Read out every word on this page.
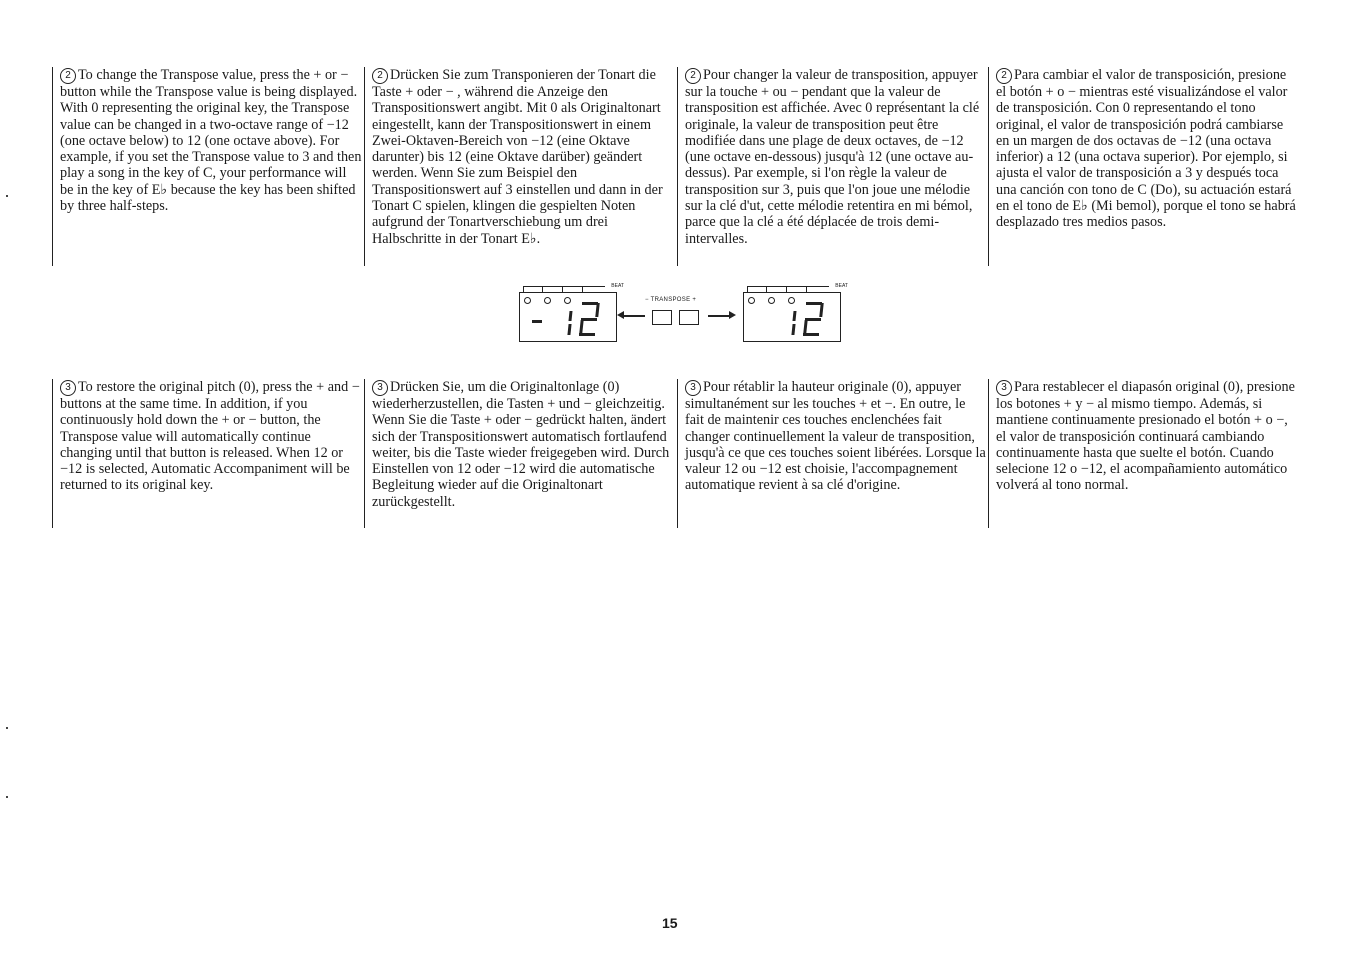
2 To change the Transpose value, press the + or − button while the Transpose value is being displayed. With 0 representing the original key, the Transpose value can be changed in a two-octave range of −12 (one octave below) to 12 (one octave above). For example, if you set the Transpose value to 3 and then play a song in the key of C, your performance will be in the key of E♭ because the key has been shifted by three half-steps.

2 Drücken Sie zum Transponieren der Tonart die Taste + oder − , während die Anzeige den Transpositionswert angibt. Mit 0 als Originaltonart eingestellt, kann der Transpositionswert in einem Zwei-Oktaven-Bereich von −12 (eine Oktave darunter) bis 12 (eine Oktave darüber) geändert werden. Wenn Sie zum Beispiel den Transpositionswert auf 3 einstellen und dann in der Tonart C spielen, klingen die gespielten Noten aufgrund der Tonartverschiebung um drei Halbschritte in der Tonart E♭.

2 Pour changer la valeur de transposition, appuyer sur la touche + ou − pendant que la valeur de transposition est affichée. Avec 0 représentant la clé originale, la valeur de transposition peut être modifiée dans une plage de deux octaves, de −12 (une octave en-dessous) jusqu'à 12 (une octave au-dessus). Par exemple, si l'on règle la valeur de transposition sur 3, puis que l'on joue une mélodie sur la clé d'ut, cette mélodie retentira en mi bémol, parce que la clé a été déplacée de trois demi-intervalles.

2 Para cambiar el valor de transposición, presione el botón + o − mientras esté visualizándose el valor de transposición. Con 0 representando el tono original, el valor de transposición podrá cambiarse en un margen de dos octavas de −12 (una octava inferior) a 12 (una octava superior). Por ejemplo, si ajusta el valor de transposición a 3 y después toca una canción con tono de C (Do), su actuación estará en el tono de E♭ (Mi bemol), porque el tono se habrá desplazado tres medios pasos.

BEAT
− TRANSPOSE +
BEAT

3 To restore the original pitch (0), press the + and − buttons at the same time. In addition, if you continuously hold down the + or − button, the Transpose value will automatically continue changing until that button is released. When 12 or −12 is selected, Automatic Accompaniment will be returned to its original key.

3 Drücken Sie, um die Originaltonlage (0) wiederherzustellen, die Tasten + und − gleichzeitig. Wenn Sie die Taste + oder − gedrückt halten, ändert sich der Transpositionswert automatisch fortlaufend weiter, bis die Taste wieder freigegeben wird. Durch Einstellen von 12 oder −12 wird die automatische Begleitung wieder auf die Originaltonart zurückgestellt.

3 Pour rétablir la hauteur originale (0), appuyer simultanément sur les touches + et −. En outre, le fait de maintenir ces touches enclenchées fait changer continuellement la valeur de transposition, jusqu'à ce que ces touches soient libérées. Lorsque la valeur 12 ou −12 est choisie, l'accompagnement automatique revient à sa clé d'origine.

3 Para restablecer el diapasón original (0), presione los botones + y − al mismo tiempo. Además, si mantiene continuamente presionado el botón + o −, el valor de transposición continuará cambiando continuamente hasta que suelte el botón. Cuando selecione 12 o −12, el acompañamiento automático volverá al tono normal.

15
